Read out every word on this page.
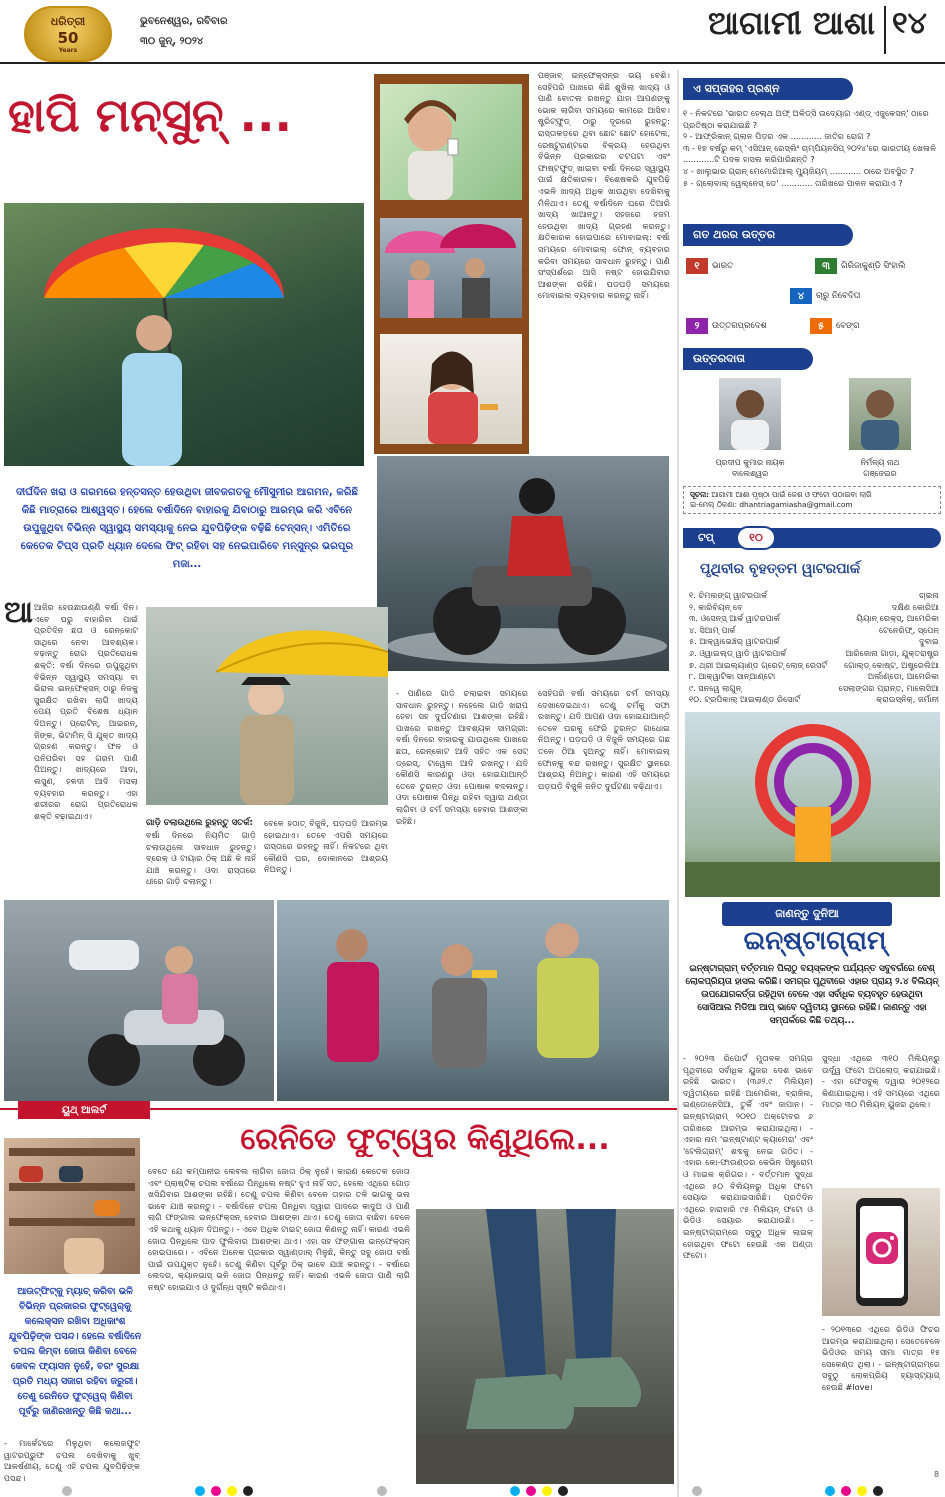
ଧରିତ୍ରୀ
50
Years
ଭୁବନେଶ୍ୱର, ରବିବାର
୩୦ ଜୁନ୍, ୨୦୨୪	ଆଗାମୀ ଆଶା ୧୪
ହାପି ମନ୍‌ସୁନ୍‌ ...
ପଞ୍ଜାବ୍‌ ଇନ୍‌ଫେକ୍ସନ୍‌ର ଭୟ ବେଶି। ସେହିପରି ପାଖରେ କିଛି ଶୁଖିଲା ଖାଦ୍ୟ ଓ ପାଣି ବୋତଲ ରଖନ୍ତୁ ଯାହା ଆପଣଙ୍କୁ ଭୋକ ଲାଗିବା ସମୟରେ କାମରେ ଆସିବ। ଷ୍ଟ୍ରିଟ୍‌ଫୁଡ୍‌ ଠାରୁ ଦୂରରେ ରୁହନ୍ତୁ: ରାସ୍ତାକଡ଼ରେ ଥିବା ଛୋଟ ଛୋଟ ହୋଟେଲ, ରେଷ୍ଟୁରାଣ୍ଟରେ ବିକ୍ରୟ ହେଉଥିବା ବିଭିନ୍ନ ପ୍ରକାରର ଚଟପଟା ଏବଂ ଫାଷ୍ଟଫୁଡ୍‌ ଖାଇବା ବର୍ଷା ଦିନରେ ସ୍ୱାସ୍ଥ୍ୟ ପାଇଁ କ୍ଷତିକାରକ। ବିଶେଷକରି ଯୁବପିଢ଼ି ଏଭଳି ଖାଦ୍ୟ ଅଧିକ ଖାଉଥିବା ଦେଖିବାକୁ ମିଳିଥାଏ। ତେଣୁ ବର୍ଷାଦିନେ ଘରେ ତିଆରି ଖାଦ୍ୟ ଖାଆନ୍ତୁ। ସହଜରେ ହଜମ ହେଉଥିବା ଖାଦ୍ୟ ଗ୍ରହଣ କରନ୍ତୁ। କ୍ଷତିକାରକ ହୋଇପାରେ ମୋବାଇଲ୍‌: ବର୍ଷା ସମୟରେ ମୋବାଇଲ୍‌ ଫୋନ୍‌ ବ୍ୟବହାର କରିବା ସମୟରେ ସାବଧାନ ରୁହନ୍ତୁ। ପାଣି ସଂସ୍ପର୍ଶରେ ଆସି ନଷ୍ଟ ହୋଇଯିବାର ଆଶଙ୍କା ରହିଛି। ଘଡ଼ଘଡ଼ି ସମୟରେ ମୋବାଇଲ ବ୍ୟବହାର କରନ୍ତୁ ନାହିଁ।
ଦୀର୍ଘଦିନ ଖରା ଓ ଗରମରେ ହନ୍ତସନ୍ତ ହେଉଥିବା ଜୀବଜଗତକୁ ମୌସୁମୀର ଆଗମନ, କରିଛି କିଛି ମାତ୍ରାରେ ଆଶ୍ୱସ୍ତ। ହେଲେ ବର୍ଷାଦିନେ ବାହାରକୁ ଯିବାଠାରୁ ଆରମ୍ଭ କରି ଏବିନେ ଉପୁଜୁଥିବା ବିଭିନ୍ନ ସ୍ୱାସ୍ଥ୍ୟ ସମସ୍ୟାକୁ ନେଇ ଯୁବପିଢ଼ିଙ୍କ ବଢ଼ିଛି ଟେନ୍‌ସନ୍‌। ଏମିତିରେ କେତେକ ଟିପ୍ସ ପ୍ରତି ଧ୍ୟାନ ଦେଲେ ଫିଟ୍‌ ରହିବା ସହ ନେଇପାରିବେ ମନ୍‌ସୁନ୍‌ର ଭରପୂର ମଜା...
ଆ ଆଜିର ହେଉଛାଉଣ୍ଣି ବର୍ଷା ଦିନ। ଏବେ ଘରୁ ବାହାରିବା ପାଇଁ ପ୍ରତିଦିନ ଛତା ଓ ରେନ୍‌କୋଟ ସାଥିରେ ନେବା ଆବଶ୍ୟକ। ବଢ଼ାନ୍ତୁ ରୋଗ ପ୍ରତିରୋଧକ ଶକ୍ତି: ବର୍ଷା ଦିନରେ ଉପୁଜୁଥିବା ବିଭିନ୍ନ ସ୍ୱାସ୍ଥ୍ୟ ସମସ୍ୟା ବା ଭିରାଲ ଇନ୍‌ଫେକ୍ସନ୍‌ ଠାରୁ ନିଜକୁ ସୁରକ୍ଷିତ ରଖିବା ଲାଗି ଖାଦ୍ୟ ପେୟ ପ୍ରତି ବିଶେଷ ଧ୍ୟାନ ଦିଅନ୍ତୁ। ପ୍ରୋଟିନ୍‌, ଆଇରନ୍‌, ଜିଙ୍କ, ଭିଟାମିନ୍‌ ସି ଯୁକ୍ତ ଖାଦ୍ୟ ଗ୍ରହଣ କରନ୍ତୁ। ଫଳ ଓ ପନିପରିବା ସହ ଗରମ ପାଣି ପିଅନ୍ତୁ। ଖାଦ୍ୟରେ ଆଦା, ଲସୁଣ, ହଳଦୀ ଆଦି ମସଲା ବ୍ୟବହାର କରନ୍ତୁ। ଏହା ଶରୀରର ରୋଗ ପ୍ରତିରୋଧକ ଶକ୍ତି ବଢ଼ାଇଥାଏ।
- ପାଣିରେ ଗାଡ଼ି ଚଲାଇବା ସମୟରେ ସାବଧାନ ରୁହନ୍ତୁ। ନହେଲେ ଗାଡ଼ି ଖରାପ ହେବା ସହ ଦୁର୍ଘଟଣାର ଆଶଙ୍କା ରହିଛି। ପାଖରେ ରଖନ୍ତୁ ଆବଶ୍ୟକ ସାମଗ୍ରୀ: ବର୍ଷା ଦିନରେ ବାହାରକୁ ଯାଉଥିଲେ ପାଖରେ ଛତା, ରେନ୍‌କୋଟ ଆଦି ସହିତ ଏକ ସେଟ୍‌ ଡ୍ରେସ୍‌, ଟାୱେଲ ଆଦି ରଖନ୍ତୁ। ଯଦି କୌଣସି କାରଣରୁ ଓଦା ହୋଇଯାଆନ୍ତି ତେବେ ତୁରନ୍ତ ଓଦା ପୋଷାକ ବଦଳାନ୍ତୁ। ଓଦା ପୋଷାକ ପିନ୍ଧି ରହିବା ଦ୍ୱାରା ଥଣ୍ଡା ଲାଗିବା ଓ ଚର୍ମ ସମସ୍ୟା ହେବାର ଆଶଙ୍କା ରହିଛି।
ସେହିପରି ବର୍ଷା ସମୟରେ ଚର୍ମ ସମସ୍ୟା ଦେଖାଦେଇଥାଏ। ତେଣୁ ଚର୍ମକୁ ସଫା ରଖନ୍ତୁ। ଯଦି ଆପଣ ଓଦା ହୋଇଯାଆନ୍ତି ତେବେ ଘରକୁ ଫେରି ତୁରନ୍ତ ଗାଧୋଇ ନିଅନ୍ତୁ। ଘଡ଼ଘଡ଼ି ଓ ବିଜୁଳି ସମୟରେ ଗଛ ତଳେ ଠିଆ ହୁଅନ୍ତୁ ନାହିଁ। ମୋବାଇଲ୍‌ ଫୋନ୍‌କୁ ବନ୍ଦ ରଖନ୍ତୁ। ସୁରକ୍ଷିତ ସ୍ଥାନରେ ଆଶ୍ରୟ ନିଅନ୍ତୁ। କାରଣ ଏହି ସମୟରେ ଘଡ଼ଘଡ଼ି ବିଜୁଳି ଜନିତ ଦୁର୍ଘଟଣା ବଢ଼ିଥାଏ।
ଗାଡ଼ି ଚଲାଉଥିଲେ ରୁହନ୍ତୁ ସତର୍କ:
ବର୍ଷା ଦିନରେ ନିୟମିତ ଗାଡ଼ି ଚଲାଉଥିଲେ ସାବଧାନ ରୁହନ୍ତୁ। ବ୍ରେକ୍‌ ଓ ଟାୟାର ଠିକ୍‌ ଅଛି କି ନାହିଁ ଯାଞ୍ଚ କରନ୍ତୁ। ଓଦା ରାସ୍ତାରେ ଧୀରେ ଗାଡ଼ି ଚଲାନ୍ତୁ।
ବେଳେ ହଠାତ୍‌ ବିଜୁଳି, ଘଡ଼ଘଡ଼ି ଆରମ୍ଭ ହୋଇଥାଏ। ତେବେ ଏପରି ସମୟରେ ରାସ୍ତାରେ ରହନ୍ତୁ ନାହିଁ। ନିକଟରେ ଥିବା କୌଣସି ଘର, ଦୋକାନରେ ଆଶ୍ରୟ ନିଅନ୍ତୁ।
ଏ ସପ୍ତାହର ପ୍ରଶ୍ନ
୧ - ନିକଟରେ 'ଭାରତ ହେଲ୍ଥ ଅଫ୍‌ ଅକିଡ୍‌ସି ଉଦ୍ୟୋଗ ଏଣ୍ଡ୍‌ ଏଜୁକେସନ୍‌' ଠାରେ ପ୍ରତିଷ୍ଠା କରାଯାଇଛି ?
୨ - ଆଫ୍ରିକାନ୍‌ ଗ୍ଲାନ ପିଡ଼ର ଏକ ............ ଜାତିର ରୋଗ ?
୩ - ୧୭ ବର୍ଷରୁ କମ୍‌ 'ଏସିଆନ୍‌ ରେସ୍‌ଲିଂ ଚାମ୍ପିୟନସିପ୍‌ ୨୦୨୪'ରେ ଭାରତୀୟ ଖେଳାଳି ............ଟି ପଦକ ହାସଲ କରିପାରିଛନ୍ତି ?
୪ - ଖାଲୁଭାର ଗ୍ରାନ୍‌ ମେମୋରିଆଲ୍‌ ମ୍ୟୁଜିୟମ୍‌ ............ ଠାରେ ଅବସ୍ଥିତ ?
୫ - ଗ୍ଲୋବାଲ୍‌ ୱେଲ୍‌ନେସ୍‌ ଡେ' ............ ତାରିଖରେ ପାଳନ କରାଯାଏ ?
ଗତ ଥରର ଉତ୍ତର
୧	ଭାରତ	୩	ଗିରିଜାକୁଣ୍ଡି ସିଂହାଲି
୪	ଚାରୁ ନିବେଦିତା
୨	ଉତ୍ତରପ୍ରଦେଶ	୫	ବେଙ୍ଗ
ଉତ୍ତରଦାତା
ପ୍ରଦୀପ କୁମାର ନାୟକ
ବାଲେଶ୍ୱର
ନିର୍ମଳ୍ୟ ନାଥ
ଗଞ୍ଜେଇର
ସୂଚନା: ଆଗାମୀ ଆଶା ପୃଷ୍ଠା ପାଇଁ କେଶ ଓ ଫଟୋ ପଠାଇବା ଲାଗି
ଇ-ମେଲ୍‌ ଠିକଣା: dhantriagamiasha@gmail.com
ଟପ୍‌	୧୦
ପୃଥିବୀର ବୃହତ୍ତମ ୱାଟରପାର୍କ
୧. ଚିମଲଙ୍ଗ୍‌ ୱାଟରପାର୍କ	ଚାଇନା
୨. କାରିବିୟନ୍‌ ବେ	ଦକ୍ଷିଣ କୋରିଆ
୩. ଓସେନ୍ସ୍‌ ଆର୍କ ୱାଟରପାର୍କ	ୟିୟାନ୍‌ ରେକ୍‌ସ୍‌, ଆମେରିକା
୪. ସିଆମ୍‌ ପାର୍କ	ଟେନେରିଫ୍‌, ସ୍ପେନ୍‌
୫. ଆକ୍ୱାଭେଞ୍ଚର୍‌ ୱାଟରପାର୍କ	ଦୁବାଇ
୬. ଓ୍ୱାଇଲ୍‌ଡ୍‌ ୱାଡି ୱାଟରପାର୍କ	ଆରିଜୋନା ଗାଡ଼ା, ଯୁକ୍ତରାଷ୍ଟ୍ର
୭. ଥ୍ରୀ ଆଇଲ୍ୟାଣ୍ଡ ଗ୍ରେଟ୍‌ ଲୋଜ୍‌ ରେସର୍ଟ ଗୋଲ୍ଡ୍‌ କୋଷ୍ଟ, ଅଷ୍ଟ୍ରେଲିଆ
୮. ଆକ୍ୱାଟିକା ସାନ୍‌ଆଣ୍ଟୋ	ଅର୍ଲାଣ୍ଡୋ, ଆମେରିକା
୯. ସନୱେ ଲାଗୁନ୍‌	ସେଲାଙ୍ଗର ପ୍ରାନ୍ତ, ମାଲେସିଆ
୧୦. ଟ୍ରପିକାଲ୍‌ ଆଇଲାଣ୍ଡ ରିସୋର୍ଟ	କ୍ରାଉସ୍‌ନିକ୍‌, ଜର୍ମାନୀ
ଜାଣନ୍ତୁ ଦୁନିଆ
ଇନ୍‌ଷ୍ଟାଗ୍ରାମ୍‌
ଇନ୍‌ଷ୍ଟାଗ୍ରାମ୍‌ ବର୍ତ୍ତମାନ ପିଲାଠୁ ବୟସ୍କଙ୍କ ପର୍ଯ୍ୟନ୍ତ ସବୁବର୍ଗରେ ବେଶ୍‌ ଲୋକପ୍ରିୟତା ହାସଲ କରିଛି। ସମଗ୍ର ପୃଥିବୀରେ ଏହାର ପ୍ରାୟ ୨.୪ ବିଲିୟନ୍‌ ଉପଯୋଗକର୍ତ୍ତା ରହିଥିବା ବେଳେ ଏହା ସର୍ବାଧିକ ବ୍ୟବହୃତ ହେଉଥିବା ସୋସିଆଲ ମିଡିଆ ଆପ୍‌ ଭାବେ ଦ୍ୱିତୀୟ ସ୍ଥାନରେ ରହିଛି। ଜାଣନ୍ତୁ ଏହା ସମ୍ପର୍କରେ କିଛି ତଥ୍ୟ...
- ୨୦୨୩ ରିପୋର୍ଟ ମୁତାବକ ସମଗ୍ର ପୃଥିବୀରେ ସର୍ବାଧିକ ୟୁଜର ଦେଶ ଭାବେ ରହିଛି ଭାରତ। (୩୬୨.୯ ମିଲିୟନ) ଦ୍ୱିତୀୟରେ ରହିଛି ଆମେରିକା, ବ୍ରାଜିଲ, ଇଣ୍ଡୋନେସିଆ, ତୁର୍କି ଏବଂ ଜାପାନ। - ଇନ୍‌ଷ୍ଟାଗ୍ରାମ୍‌ ୨୦୧୦ ଅକ୍ଟୋବର ୬ ତାରିଖରେ ଆରମ୍ଭ କରାଯାଇଥିଲା। - ଏହାର ନାମ 'ଇନ୍‌ଷ୍ଟାଣ୍ଟ କ୍ୟାମେରା' ଏବଂ 'ଟେଲିଗ୍ରାମ୍‌' ଶବ୍ଦକୁ ନେଇ ଗଠିତ। - ଏହାର କୋ-ଫାଉଣ୍ଡର କେଭିନ ସିଷ୍ଟ୍ରୋମ ଓ ମାଇକ କ୍ରିଗର। - ବର୍ତ୍ତମାନ ସୁଦ୍ଧା ଏଥିରେ ୫୦ ବିଲିୟନରୁ ଅଧିକ ଫଟୋ ସେୟାର କରାଯାଇସାରିଛି। ପ୍ରତିଦିନ ଏଥିରେ ହାରାହାରି ୯୫ ମିଲିୟନ୍‌ ଫଟୋ ଓ ଭିଡିଓ ସେୟାର କରାଯାଉଛି। - ଇନ୍‌ଷ୍ଟାଗ୍ରାମ୍‌ରେ ସବୁଠୁ ଅଧିକ ଲାଇକ୍‌ ହୋଇଥିବା ଫଟୋ ହେଉଛି ଏକ ଅଣ୍ଡା ଫଟୋ।
ସୁଦ୍ଧା ଏଥିରେ ୩୧୦ ମିଲିୟନ୍‌ରୁ ଊର୍ଦ୍ଧ୍ୱ ଫଟୋ ଅପଲୋଡ୍‌ କରାଯାଇଛି। - ଏହା ଫେସବୁକ୍‌ ଦ୍ୱାରା ୨୦୧୨ରେ କିଣାଯାଇଥିଲା। ଏହି ସମୟରେ ଏଥିରେ ମାତ୍ର ୩୦ ମିଲିୟନ୍‌ ୟୁଜର ଥିଲେ।
- ୨୦୧୩ରେ ଏଥିରେ ଭିଡିଓ ଫିଚର ଆରମ୍ଭ କରାଯାଇଥିଲା। ସେତେବେଳେ ଭିଡିଓର ସମୟ ସୀମା ମାତ୍ର ୧୫ ସେକେଣ୍ଡ ଥିଲା। - ଇନ୍‌ଷ୍ଟାଗ୍ରାମ୍‌ରେ ସବୁଠୁ ଲୋକପ୍ରିୟ ହ୍ୟାସ୍‌ଟ୍ୟାଗ୍‌ ହେଉଛି #love।
ୟୁଥ୍‌ ଆଲର୍ଟ
ରେନିଡେ ଫୁଟ୍‌ୱେର କିଣୁଥିଲେ...
ଆଉଟ୍‌ଫିଟ୍‌କୁ ମ୍ୟାଚ୍‌ କରିବା ଭଳି ବିଭିନ୍ନ ପ୍ରକାରର ଫୁଟ୍‌ୱେର୍‌କୁ କଲେକ୍‌ସନ ରଖିବା ଅଧିକାଂଶ ଯୁବପିଢ଼ିଙ୍କ ପସନ୍ଦ। ହେଲେ ବର୍ଷାଦିନେ ଚପଲ କିମ୍ବା ଜୋତା କିଣିବା ବେଳେ କେବଳ ଫ୍ୟାସନ ନୁହେଁ, ବରଂ ସୁରକ୍ଷା ପ୍ରତି ମଧ୍ୟ ସଜାଗ ରହିବା ଜରୁରୀ। ତେଣୁ ରେନିଡେ ଫୁଟ୍‌ୱେର୍‌ କିଣିବା ପୂର୍ବରୁ ଜାଣିରଖନ୍ତୁ କିଛି କଥା...
- ମାର୍କେଟରେ ମିଳୁଥିବା କଲେଜଫୁଟ ୱାଟରପ୍ରୁଫ ଚପଲ ଦେଖିବାକୁ ଖୁବ୍‌ ଆକର୍ଷଣୀୟ, ତେଣୁ ଏହି ଚପଲ ଯୁବପିଢ଼ିଙ୍କ ପସନ୍ଦ।
ବେତେ ଯେ କମ୍ପାନୀର ଲେବଲ ଲାଗିବା ଜୋତା ଠିକ୍‌ ନୁହେଁ। କାରଣ କେତେକ ଜୋତା ଏବଂ ପ୍ଲାଷ୍ଟିକ୍‌ ଚପଲ ବର୍ଷାରେ ପିନ୍ଧିଲେ ନଷ୍ଟ ହୁଏ ନାହିଁ ସତ, ହେଲେ ଏଥିରେ ଗୋଡ଼ ଖସିଯିବାର ଆଶଙ୍କା ରହିଛି। ତେଣୁ ଚପଲ କିଣିବା ବେଳେ ତାହାର ତଳି ଭାଗକୁ ଭଲ ଭାବେ ଯାଞ୍ଚ କରନ୍ତୁ। - ବର୍ଷାଦିନେ ଚପଲ ପିନ୍ଧିବା ଦ୍ୱାରା ପାଦରେ କାଦୁଅ ଓ ପାଣି ଲାଗି ଫଙ୍ଗାଲ ଇନ୍‌ଫେକ୍ସନ୍‌ ହେବାର ଆଶଙ୍କା ଥାଏ। ତେଣୁ ଜୋତା ବାଛିବା ବେଳେ ଏହି କଥାକୁ ଧ୍ୟାନ ଦିଅନ୍ତୁ। - ଏବେ ଅଧିକ ଟାଇଟ୍‌ ଜୋତା କିଣନ୍ତୁ ନାହିଁ। କାରଣ ଏଭଳି ଜୋତା ପିନ୍ଧିଲେ ପାଦ ଫୁଲିବାର ଆଶଙ୍କା ଥାଏ। ଏହା ସହ ଫଙ୍ଗାଲ ଇନ୍‌ଫେକ୍ସନ୍‌ ହୋଇପାରେ। - ଏବିନେ ଅନେକ ପ୍ରକାର ସ୍ୱାଣ୍ଡାଲ୍‌ ମିଳୁଛି, କିନ୍ତୁ ସବୁ ଜୋତା ବର୍ଷା ପାଇଁ ଉପଯୁକ୍ତ ନୁହେଁ। ତେଣୁ କିଣିବା ପୂର୍ବରୁ ଠିକ୍‌ ଭାବେ ଯାଞ୍ଚ କରନ୍ତୁ। - ବର୍ଷାରେ ଲେଦର, କ୍ୟାନଭାସ୍‌ ଭଳି ଜୋତା ପିନ୍ଧନ୍ତୁ ନାହିଁ। କାରଣ ଏଭଳି ଜୋତା ପାଣି ଲାଗି ନଷ୍ଟ ହୋଇଯାଏ ଓ ଦୁର୍ଗନ୍ଧ ସୃଷ୍ଟି କରିଥାଏ।
8
